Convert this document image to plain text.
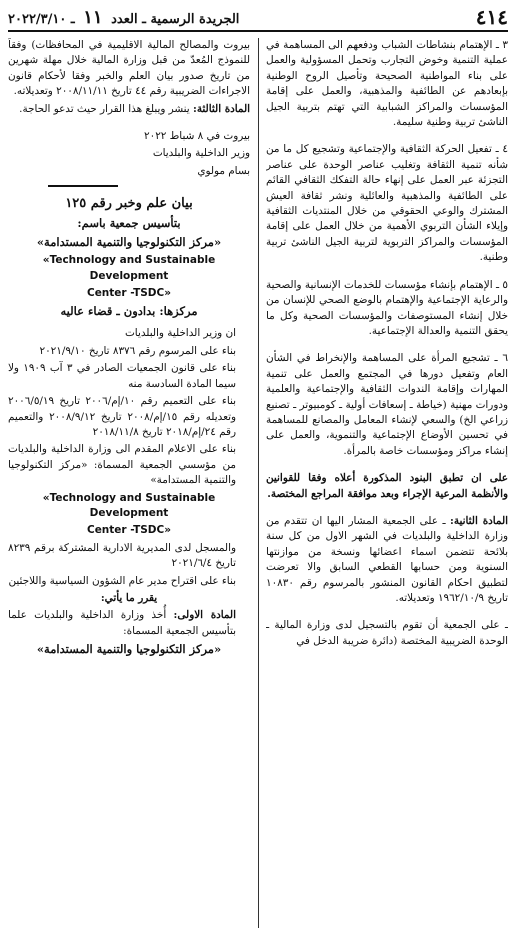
٤١٤
الجريدة الرسمية ـ العدد ١١ ـ ٢٠٢٢/٣/١٠

٣ ـ الإهتمام بنشاطات الشباب ودفعهم الى المساهمة في عملية التنمية وخوض التجارب وتحمل المسؤولية والعمل على بناء المواطنية الصحيحة وتأصيل الروح الوطنية بإبعادهم عن الطائفية والمذهبية، والعمل على إقامة المؤسسات والمراكز الشبابية التي تهتم بتربية الجيل الناشئ تربية وطنية سليمة.

٤ ـ تفعيل الحركة الثقافية والإجتماعية وتشجيع كل ما من شأنه تنمية الثقافة وتغليب عناصر الوحدة على عناصر التجزئة عبر العمل على إنهاء حالة التفكك الثقافي القائم على الطائفية والمذهبية والعائلية ونشر ثقافة العيش المشترك والوعي الحقوقي من خلال المنتديات الثقافية وإيلاء الشأن التربوي الأهمية من خلال العمل على إقامة المؤسسات والمراكز التربوية لتربية الجيل الناشئ تربية وطنية.

٥ ـ الإهتمام بإنشاء مؤسسات للخدمات الإنسانية والصحية والرعاية الإجتماعية والإهتمام بالوضع الصحي للإنسان من خلال إنشاء المستوصفات والمؤسسات الصحية وكل ما يحقق التنمية والعدالة الإجتماعية.

٦ ـ تشجيع المرأة على المساهمة والإنخراط في الشأن العام وتفعيل دورها في المجتمع والعمل على تنمية المهارات وإقامة الندوات الثقافية والإجتماعية والعلمية ودورات مهنية (خياطة ـ إسعافات أولية ـ كومبيوتر ـ تصنيع زراعي الخ) والسعي لإنشاء المعامل والمصانع للمساهمة في تحسين الأوضاع الإجتماعية والتنموية، والعمل على إنشاء مراكز ومؤسسات خاصة بالمرأة.

على ان تطبق البنود المذكورة أعلاه وفقا للقوانين والأنظمة المرعية الإجراء وبعد موافقة المراجع المختصة.

المادة الثانية: ـ على الجمعية المشار اليها ان تتقدم من وزارة الداخلية والبلديات في الشهر الاول من كل سنة بلائحة تتضمن اسماء اعضائها ونسخة من موازنتها السنوية ومن حسابها القطعي السابق والا تعرضت لتطبيق احكام القانون المنشور بالمرسوم رقم ١٠٨٣٠ تاريخ ١٩٦٢/١٠/٩ وتعديلاته.

ـ على الجمعية أن تقوم بالتسجيل لدى وزارة المالية ـ الوحدة الضريبية المختصة (دائرة ضريبة الدخل في

بيروت والمصالح المالية الاقليمية في المحافظات) وفقاً للنموذج المُعدّ من قبل وزارة المالية خلال مهلة شهرين من تاريخ صدور بيان العلم والخبر وفقا لأحكام قانون الاجراءات الضريبية رقم ٤٤ تاريخ ٢٠٠٨/١١/١١ وتعديلاته.

المادة الثالثة: ينشر ويبلغ هذا القرار حيث تدعو الحاجة.

بيروت في ٨ شباط ٢٠٢٢

وزير الداخلية والبلديات

بسام مولوي

بيان علم وخبر رقم ١٢٥

بتأسيس جمعية باسم:

«مركز التكنولوجيا والتنمية المستدامة»

«Technology and Sustainable Development

Center -TSDC»

مركزها: بدادون ـ قضاء عاليه

ان وزير الداخلية والبلديات

بناء على المرسوم رقم ٨٣٧٦ تاريخ ٢٠٢١/٩/١٠

بناء على قانون الجمعيات الصادر في ٣ آب ١٩٠٩ ولا سيما المادة السادسة منه

بناء على التعميم رقم ١٠/إم/٢٠٠٦ تاريخ ٢٠٠٦/٥/١٩ وتعديله رقم ١٥/إم/٢٠٠٨ تاريخ ٢٠٠٨/٩/١٢ والتعميم رقم ٢٤/إم/٢٠١٨ تاريخ ٢٠١٨/١١/٨

بناء على الاعلام المقدم الى وزارة الداخلية والبلديات من مؤسسي الجمعية المسماة: «مركز التكنولوجيا والتنمية المستدامة»

«Technology and Sustainable Development

Center -TSDC»

والمسجل لدى المديرية الادارية المشتركة برقم ٨٢٣٩ تاريخ ٢٠٢١/٦/٤

بناء على اقتراح مدير عام الشؤون السياسية واللاجئين

يقرر ما يأتي:

المادة الاولى: أُخذ وزارة الداخلية والبلديات علما بتأسيس الجمعية المسماة:

«مركز التكنولوجيا والتنمية المستدامة»
